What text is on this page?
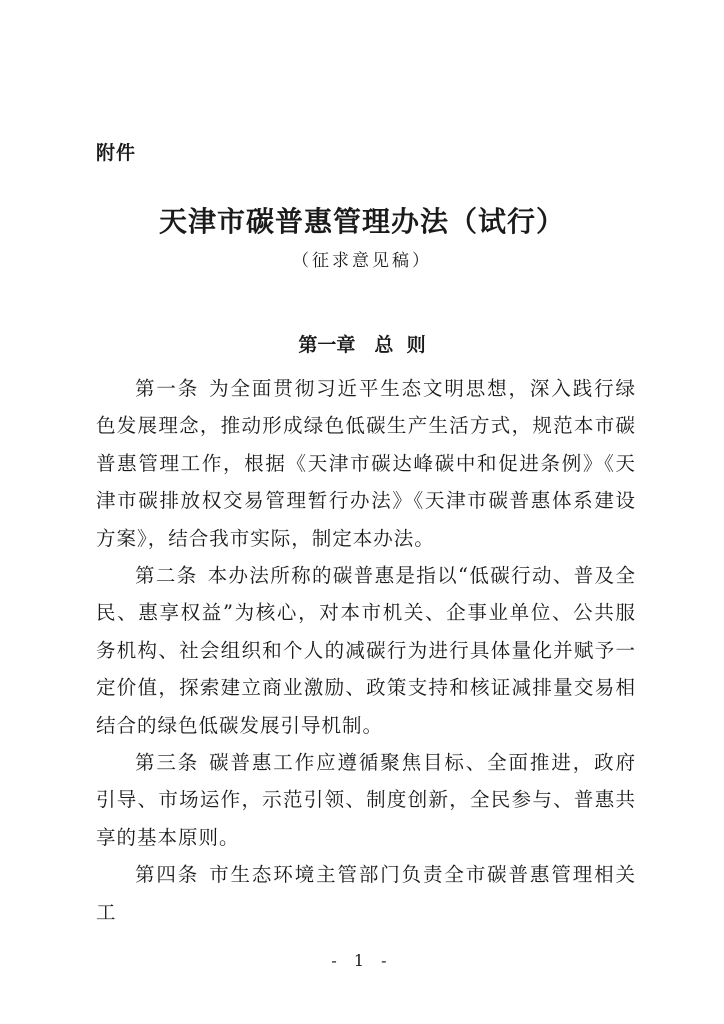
附件
天津市碳普惠管理办法（试行）
（征求意见稿）
第一章　总  则

第一条 为全面贯彻习近平生态文明思想，深入践行绿色发展理念，推动形成绿色低碳生产生活方式，规范本市碳普惠管理工作，根据《天津市碳达峰碳中和促进条例》《天津市碳排放权交易管理暂行办法》《天津市碳普惠体系建设方案》，结合我市实际，制定本办法。

第二条 本办法所称的碳普惠是指以“低碳行动、普及全民、惠享权益”为核心，对本市机关、企事业单位、公共服务机构、社会组织和个人的减碳行为进行具体量化并赋予一定价值，探索建立商业激励、政策支持和核证减排量交易相结合的绿色低碳发展引导机制。

第三条 碳普惠工作应遵循聚焦目标、全面推进，政府引导、市场运作，示范引领、制度创新，全民参与、普惠共享的基本原则。

第四条 市生态环境主管部门负责全市碳普惠管理相关工

- 1 -
